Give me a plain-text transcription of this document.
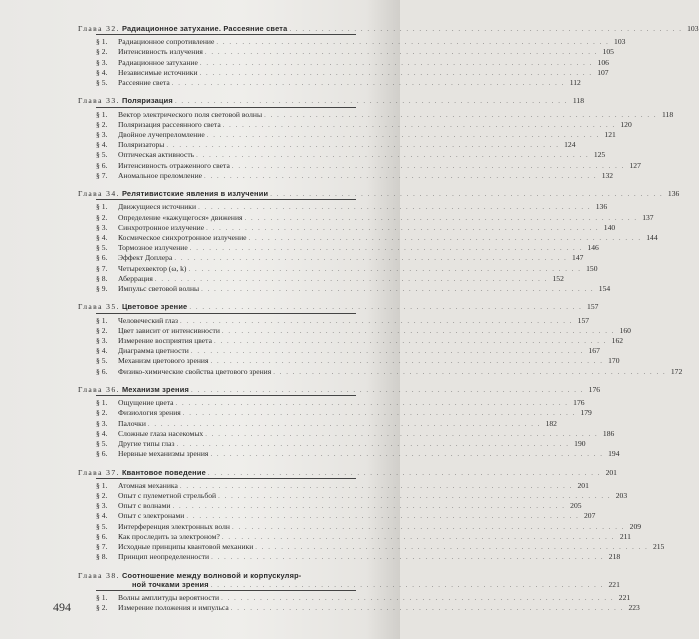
Глава 32. Радиационное затухание. Рассеяние света . . .	103
§ 1. Радиационное сопротивление . . .	103
§ 2. Интенсивность излучения . . .	105
§ 3. Радиационное затухание . . .	106
§ 4. Независимые источники . . .	107
§ 5. Рассеяние света . . .	112
Глава 33. Поляризация . . .	118
§ 1. Вектор электрического поля световой волны . . .	118
§ 2. Поляризация рассеянного света . . .	120
§ 3. Двойное лучепреломление . . .	121
§ 4. Поляризаторы . . .	124
§ 5. Оптическая активность . . .	125
§ 6. Интенсивность отраженного света . . .	127
§ 7. Аномальное преломление . . .	132
Глава 34. Релятивистские явления в излучении . . .	136
§ 1. Движущиеся источники . . .	136
§ 2. Определение «кажущегося» движения . . .	137
§ 3. Синхротронное излучение . . .	140
§ 4. Космическое синхротронное излучение . . .	144
§ 5. Тормозное излучение . . .	146
§ 6. Эффект Доплера . . .	147
§ 7. Четырехвектор (ω, k) . . .	150
§ 8. Аберрация . . .	152
§ 9. Импульс световой волны . . .	154
Глава 35. Цветовое зрение . . .	157
§ 1. Человеческий глаз . . .	157
§ 2. Цвет зависит от интенсивности . . .	160
§ 3. Измерение восприятия цвета . . .	162
§ 4. Диаграмма цветности . . .	167
§ 5. Механизм цветового зрения . . .	170
§ 6. Физико-химические свойства цветового зрения . . .	172
Глава 36. Механизм зрения . . .	176
§ 1. Ощущение цвета . . .	176
§ 2. Физиология зрения . . .	179
§ 3. Палочки . . .	182
§ 4. Сложные глаза насекомых . . .	186
§ 5. Другие типы глаз . . .	190
§ 6. Нервные механизмы зрения . . .	194
Глава 37. Квантовое поведение . . .	201
§ 1. Атомная механика . . .	201
§ 2. Опыт с пулеметной стрельбой . . .	203
§ 3. Опыт с волнами . . .	205
§ 4. Опыт с электронами . . .	207
§ 5. Интерференция электронных волн . . .	209
§ 6. Как проследить за электроном? . . .	211
§ 7. Исходные принципы квантовой механики . . .	215
§ 8. Принцип неопределенности . . .	218
Глава 38. Соотношение между волновой и корпускуляр-
ной точками зрения . . .	221
§ 1. Волны амплитуды вероятности . . .	221
§ 2. Измерение положения и импульса . . .	223
494
